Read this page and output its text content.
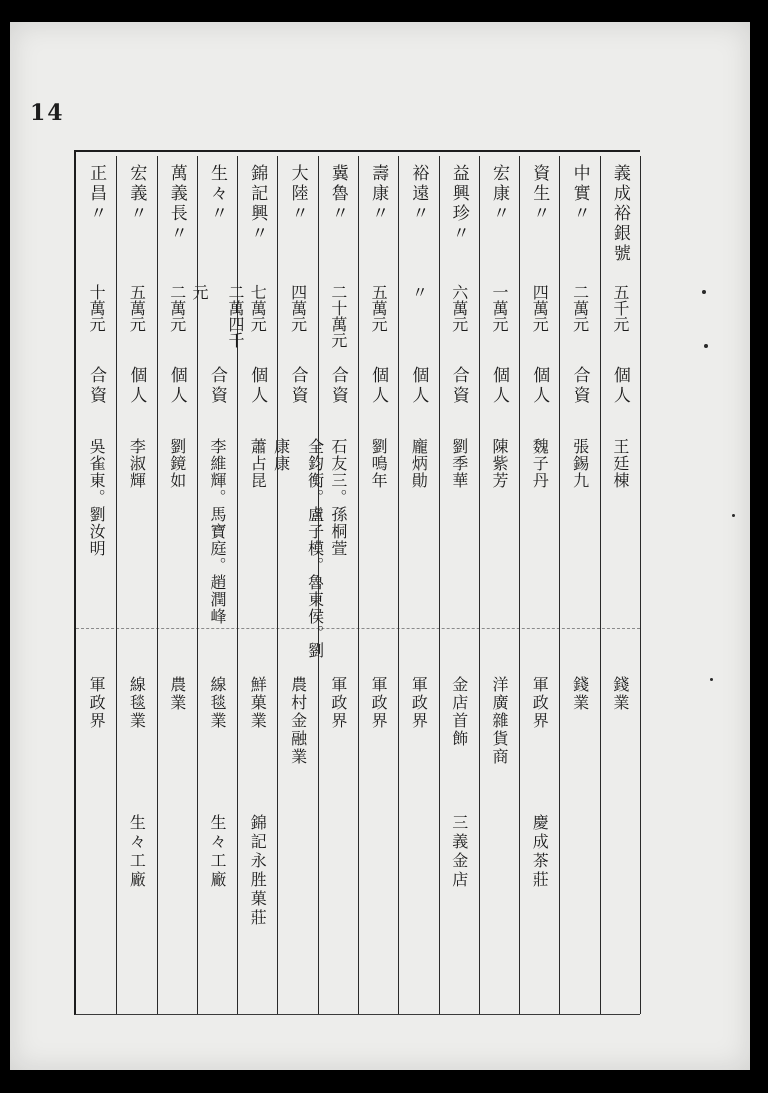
14
義成裕銀號
五千元
個人
王廷棟
錢業
中實〃
二萬元
合資
張錫九
錢業
資生〃
四萬元
個人
魏子丹
軍政界
慶成茶莊
宏康〃
一萬元
個人
陳紫芳
洋廣雜貨商
益興珍〃
六萬元
合資
劉季華
金店首飾
三義金店
裕遠〃
〃
個人
龐炳勛
軍政界
壽康〃
五萬元
個人
劉鳴年
軍政界
冀魯〃
二十萬元
合資
石友三。孫桐萱
軍政界
大陸〃
四萬元
合資
全鈞衡。盧子模。魯東侯。劉康康
農村金融業
錦記興〃
七萬元
個人
蕭占昆
鮮菓業
錦記永胜菓莊
生々〃
二萬四千元
合資
李維輝。馬寶庭。趙潤峰
線毯業
生々工廠
萬義長〃
二萬元
個人
劉鏡如
農業
宏義〃
五萬元
個人
李淑輝
線毯業
生々工廠
正昌〃
十萬元
合資
吳雀東。劉汝明
軍政界
